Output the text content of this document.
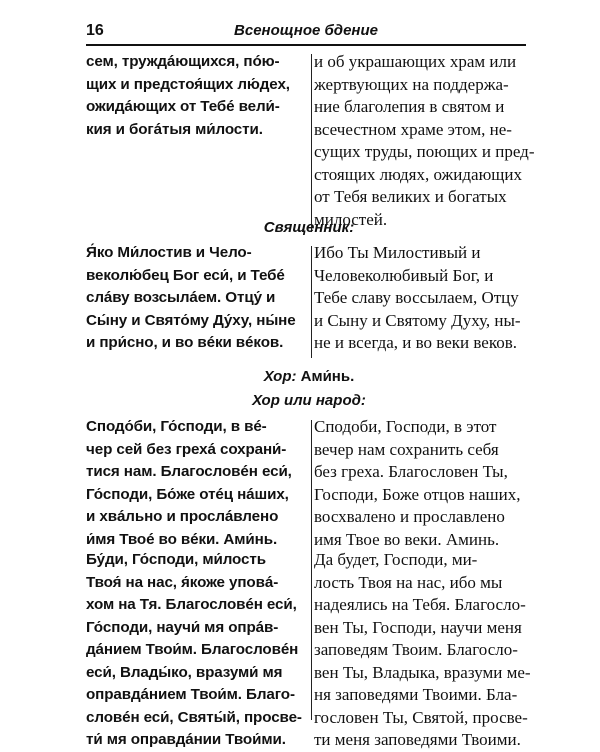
16	Всенощное бдение
сем, труждáющихся, пóю-
щих и предстоя́щих лю́дех,
ожидáющих от Тебé вели́-
кия и богáтыя ми́лости.
и об украшающих храм или
жертвующих на поддержа-
ние благолепия в святом и
всечестном храме этом, не-
сущих труды, поющих и пред-
стоящих людях, ожидающих
от Тебя великих и богатых
милостей.
Священник:
Я́ко Ми́лостив и Чело-
веколю́бец Бог еси́, и Тебé
слáву возсылáем. Отцу́ и
Сы́ну и Свято́му Ду́ху, ны́не
и при́сно, и во вéки вéков.
Ибо Ты Милостивый и
Человеколюбивый Бог, и
Тебе славу воссылаем, Отцу
и Сыну и Святому Духу, ны-
не и всегда, и во веки веков.
Хор: Ами́нь.
Хор или народ:
Сподо́би, Го́споди, в вé-
чер сей без грехá сохрани́-
тися нам. Благословéн еси́,
Го́споди, Бо́же отéц нáших,
и хвáльно и прослáвлено
и́мя Твоé во вéки. Ами́нь.
Сподоби, Господи, в этот
вечер нам сохранить себя
без греха. Благословен Ты,
Господи, Боже отцов наших,
восхвалено и прославлено
имя Твое во веки. Аминь.
Бу́ди, Го́споди, ми́лость
Твоя́ на нас, я́коже уповá-
хом на Тя. Благословéн еси́,
Го́споди, научи́ мя опрáв-
дáнием Твои́м. Благословéн
еси́, Влады́ко, вразуми́ мя
оправдáнием Твои́м. Благо-
словéн еси́, Святы́й, просве-
ти́ мя оправдáнии Твои́ми.
Да будет, Господи, ми-
лость Твоя на нас, ибо мы
надеялись на Тебя. Благосло-
вен Ты, Господи, научи меня
заповедям Твоим. Благосло-
вен Ты, Владыка, вразуми ме-
ня заповедями Твоими. Бла-
гословен Ты, Святой, просве-
ти меня заповедями Твоими.
